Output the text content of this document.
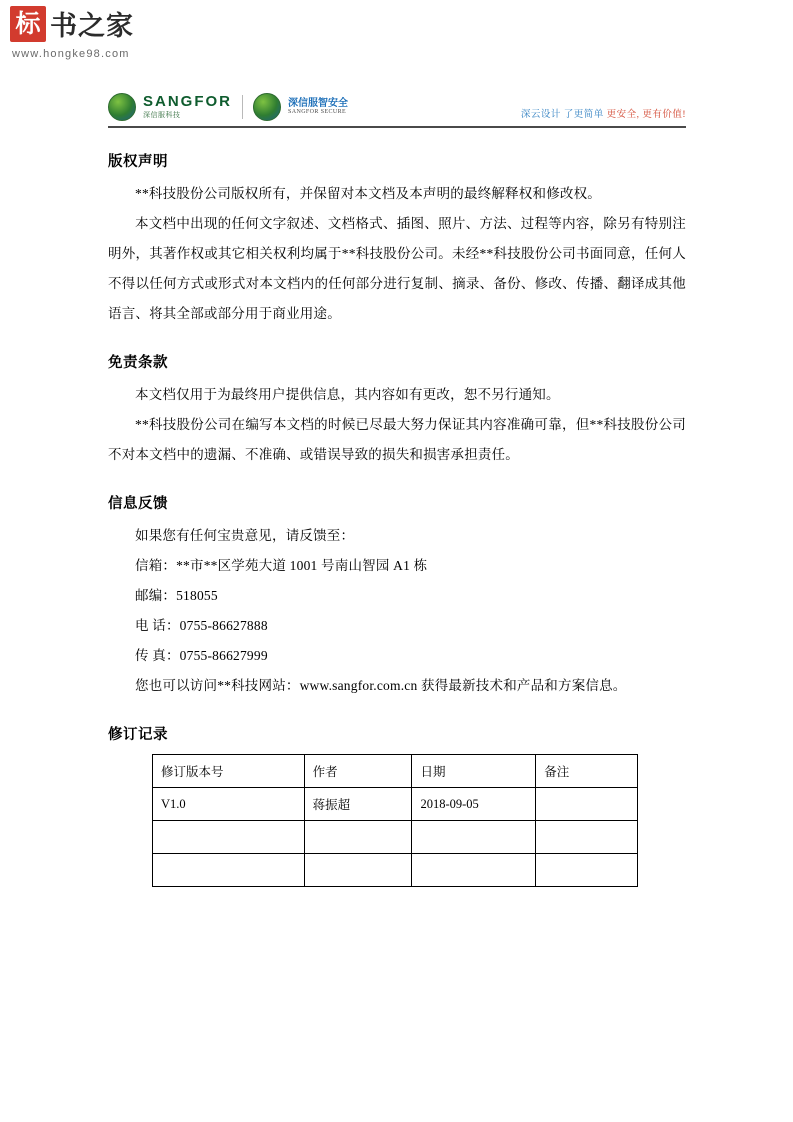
标 书之家
www.hongke98.com
SANGFOR
深信服科技
深信服智安全
SANGFOR SECURE	深云设计 了更简单 更安全, 更有价值!
版权声明

**科技股份公司版权所有，并保留对本文档及本声明的最终解释权和修改权。

本文档中出现的任何文字叙述、文档格式、插图、照片、方法、过程等内容，除另有特别注明外，其著作权或其它相关权利均属于**科技股份公司。未经**科技股份公司书面同意，任何人不得以任何方式或形式对本文档内的任何部分进行复制、摘录、备份、修改、传播、翻译成其他语言、将其全部或部分用于商业用途。

免责条款

本文档仅用于为最终用户提供信息，其内容如有更改，恕不另行通知。

**科技股份公司在编写本文档的时候已尽最大努力保证其内容准确可靠，但**科技股份公司不对本文档中的遗漏、不准确、或错误导致的损失和损害承担责任。

信息反馈

如果您有任何宝贵意见，请反馈至：

信箱：**市**区学苑大道 1001 号南山智园 A1 栋

邮编：518055

电 话：0755-86627888

传 真：0755-86627999

您也可以访问**科技网站：www.sangfor.com.cn 获得最新技术和产品和方案信息。

修订记录
修订版本号	作者	日期	备注
V1.0	蒋振超	2018-09-05	
